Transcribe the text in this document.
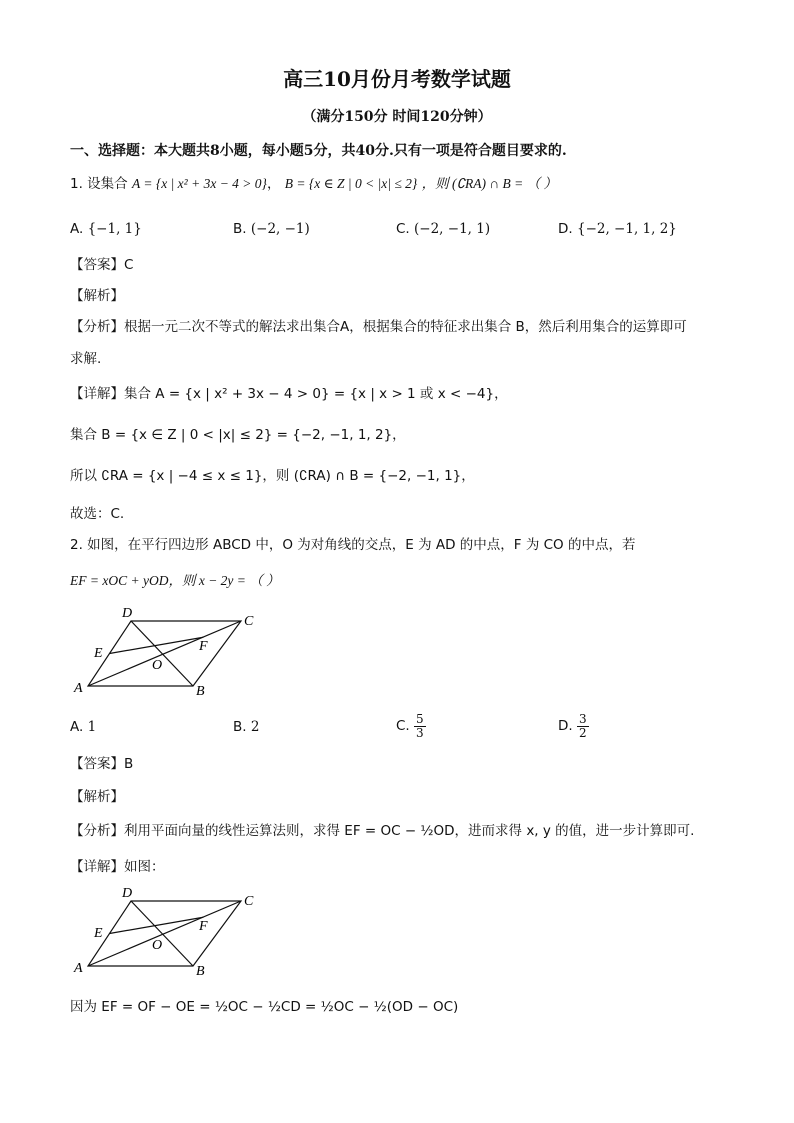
高三10月份月考数学试题
（满分150分 时间120分钟）
一、选择题：本大题共8小题，每小题5分，共40分.只有一项是符合题目要求的.
1. 设集合 A = {x | x² + 3x − 4 > 0}， B = {x ∈ Z | 0 < |x| ≤ 2} ，则 (∁RA) ∩ B = （ ）
A. {−1, 1}	B. (−2, −1)	C. (−2, −1, 1)	D. {−2, −1, 1, 2}
【答案】C
【解析】
【分析】根据一元二次不等式的解法求出集合A，根据集合的特征求出集合 B，然后利用集合的运算即可
求解.
【详解】集合 A = {x | x² + 3x − 4 > 0} = {x | x > 1 或 x < −4}，
集合 B = {x ∈ Z | 0 < |x| ≤ 2} = {−2, −1, 1, 2}，
所以 ∁RA = {x | −4 ≤ x ≤ 1}，则 (∁RA) ∩ B = {−2, −1, 1}，
故选：C.
2. 如图，在平行四边形 ABCD 中，O 为对角线的交点，E 为 AD 的中点，F 为 CO 的中点，若
EF = xOC + yOD，则 x − 2y = （ ）
A	B
C
D
E	F
O
A. 1	B. 2	C. $\frac{5}{3}$	D. $\frac{3}{2}$
【答案】B
【解析】
【分析】利用平面向量的线性运算法则，求得 EF = OC − ½OD，进而求得 x, y 的值，进一步计算即可.
【详解】如图：
A	B
C
D
E	F
O
因为 EF = OF − OE = ½OC − ½CD = ½OC − ½(OD − OC)
